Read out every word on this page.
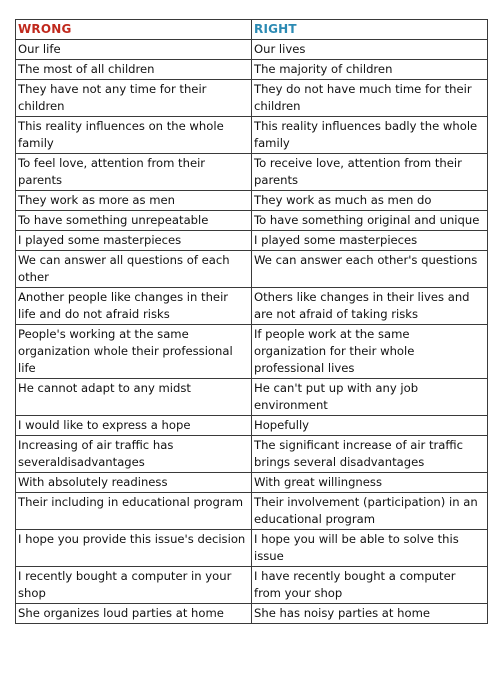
WRONG	RIGHT
Our life	Our lives
The most of all children	The majority of children
They have not any time for their children	They do not have much time for their children
This reality influences on the whole family	This reality influences badly the whole family
To feel love, attention from their parents	To receive love, attention from their parents
They work as more as men	They work as much as men do
To have something unrepeatable	To have something original and unique
I played some masterpieces	I played some masterpieces
We can answer all questions of each other	We can answer each other's questions
Another people like changes in their life and do not afraid risks	Others like changes in their lives and are not afraid of taking risks
People's working at the same organization whole their professional life	If people work at the same organization for their whole professional lives
He cannot adapt to any midst	He can't put up with any job environment
I would like to express a hope	Hopefully
Increasing of air traffic has severaldisadvantages	The significant increase of air traffic brings several disadvantages
With absolutely readiness	With great willingness
Their including in educational program	Their involvement (participation) in an educational program
I hope you provide this issue's decision	I hope you will be able to solve this issue
I recently bought a computer in your shop	I have recently bought a computer from your shop
She organizes loud parties at home	She has noisy parties at home
